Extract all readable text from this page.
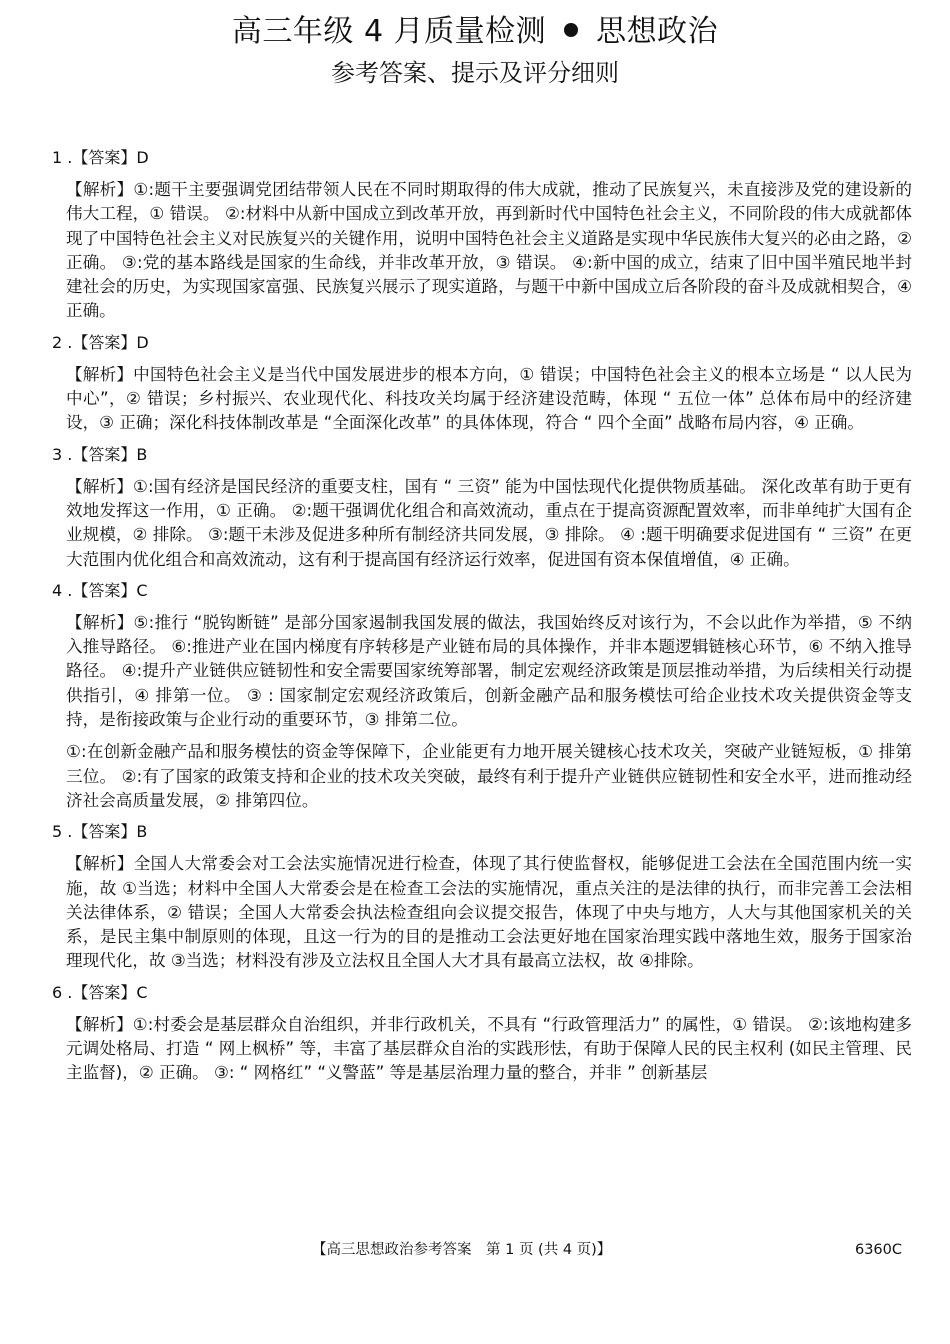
高三年级 4 月质量检测 思想政治
参考答案、提示及评分细则
1 .【答案】D
【解析】①:题干主要强调党团结带领人民在不同时期取得的伟大成就，推动了民族复兴，未直接涉及党的建设新的伟大工程，① 错误。 ②:材料中从新中国成立到改革开放，再到新时代中国特色社会主义，不同阶段的伟大成就都体现了中国特色社会主义对民族复兴的关键作用，说明中国特色社会主义道路是实现中华民族伟大复兴的必由之路，② 正确。 ③:党的基本路线是国家的生命线，并非改革开放，③ 错误。 ④:新中国的成立，结束了旧中国半殖民地半封建社会的历史，为实现国家富强、民族复兴展示了现实道路，与题干中新中国成立后各阶段的奋斗及成就相契合，④ 正确。
2 .【答案】D
【解析】中国特色社会主义是当代中国发展进步的根本方向，① 错误；中国特色社会主义的根本立场是 “ 以人民为中心”，② 错误；乡村振兴、农业现代化、科技攻关均属于经济建设范畴，体现 “ 五位一体” 总体布局中的经济建设，③ 正确；深化科技体制改革是 “全面深化改革” 的具体体现，符合 “ 四个全面” 战略布局内容，④ 正确。
3 .【答案】B
【解析】①:国有经济是国民经济的重要支柱，国有 “ 三资” 能为中国怯现代化提供物质基础。 深化改革有助于更有效地发挥这一作用，① 正确。 ②:题干强调优化组合和高效流动，重点在于提高资源配置效率，而非单纯扩大国有企业规模，② 排除。 ③:题干未涉及促进多种所有制经济共同发展，③ 排除。 ④ :题干明确要求促进国有 “ 三资” 在更大范围内优化组合和高效流动，这有利于提高国有经济运行效率，促进国有资本保值增值，④ 正确。
4 .【答案】C
【解析】⑤:推行 “脱钩断链” 是部分国家遏制我国发展的做法，我国始终反对该行为，不会以此作为举措，⑤ 不纳入推导路径。 ⑥:推进产业在国内梯度有序转移是产业链布局的具体操作，并非本题逻辑链核心环节，⑥ 不纳入推导路径。 ④:提升产业链供应链韧性和安全需要国家统筹部署，制定宏观经济政策是顶层推动举措，为后续相关行动提供指引，④ 排第一位。 ③ : 国家制定宏观经济政策后，创新金融产品和服务模怯可给企业技术攻关提供资金等支持，是衔接政策与企业行动的重要环节，③ 排第二位。
①:在创新金融产品和服务模怯的资金等保障下，企业能更有力地开展关键核心技术攻关，突破产业链短板，① 排第三位。 ②:有了国家的政策支持和企业的技术攻关突破，最终有利于提升产业链供应链韧性和安全水平，进而推动经济社会高质量发展，② 排第四位。
5 .【答案】B
【解析】全国人大常委会对工会法实施情况进行检查，体现了其行使监督权，能够促进工会法在全国范围内统一实施，故 ①当选；材料中全国人大常委会是在检查工会法的实施情况，重点关注的是法律的执行，而非完善工会法相关法律体系，② 错误；全国人大常委会执法检查组向会议提交报告，体现了中央与地方，人大与其他国家机关的关系，是民主集中制原则的体现，且这一行为的目的是推动工会法更好地在国家治理实践中落地生效，服务于国家治理现代化，故 ③当选；材料没有涉及立法权且全国人大才具有最高立法权，故 ④排除。
6 .【答案】C
【解析】①:村委会是基层群众自治组织，并非行政机关，不具有 “行政管理活力” 的属性，① 错误。 ②:该地构建多元调处格局、打造 “ 网上枫桥” 等，丰富了基层群众自治的实践形怯，有助于保障人民的民主权利 (如民主管理、民主监督)，② 正确。 ③: “ 网格红” “义警蓝” 等是基层治理力量的整合，并非 ” 创新基层
【高三思想政治参考答案　第 1 页 (共 4 页)】	6360C
